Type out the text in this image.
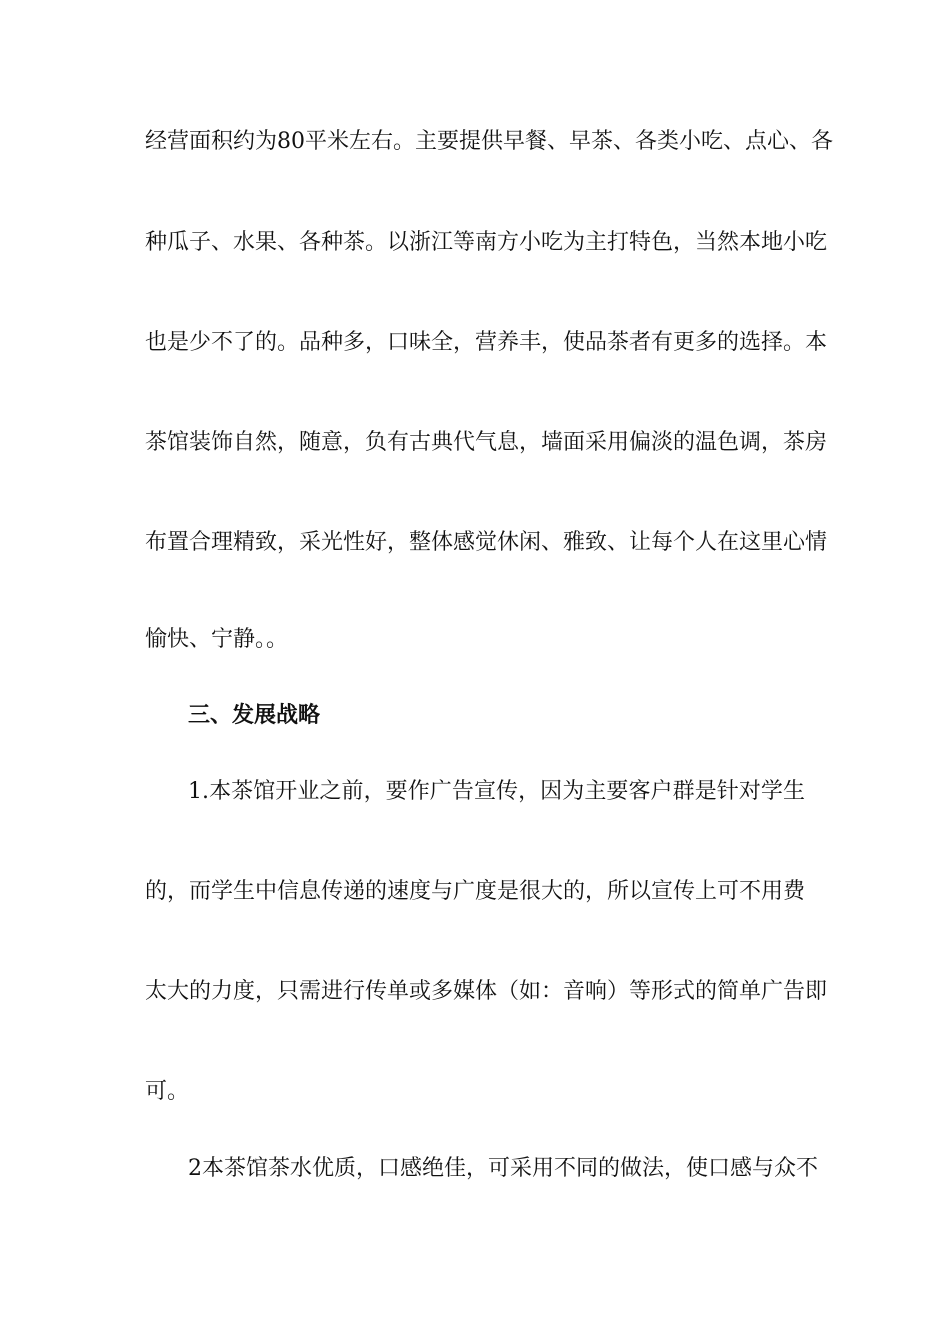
经营面积约为80平米左右。主要提供早餐、早茶、各类小吃、点心、各
种瓜子、水果、各种茶。以浙江等南方小吃为主打特色，当然本地小吃
也是少不了的。品种多，口味全，营养丰，使品茶者有更多的选择。本
茶馆装饰自然，随意，负有古典代气息，墙面采用偏淡的温色调，茶房
布置合理精致，采光性好，整体感觉休闲、雅致、让每个人在这里心情
愉快、宁静。。
三、发展战略
1.本茶馆开业之前，要作广告宣传，因为主要客户群是针对学生
的，而学生中信息传递的速度与广度是很大的，所以宣传上可不用费
太大的力度，只需进行传单或多媒体（如：音响）等形式的简单广告即
可。
2本茶馆茶水优质，口感绝佳，可采用不同的做法，使口感与众不
